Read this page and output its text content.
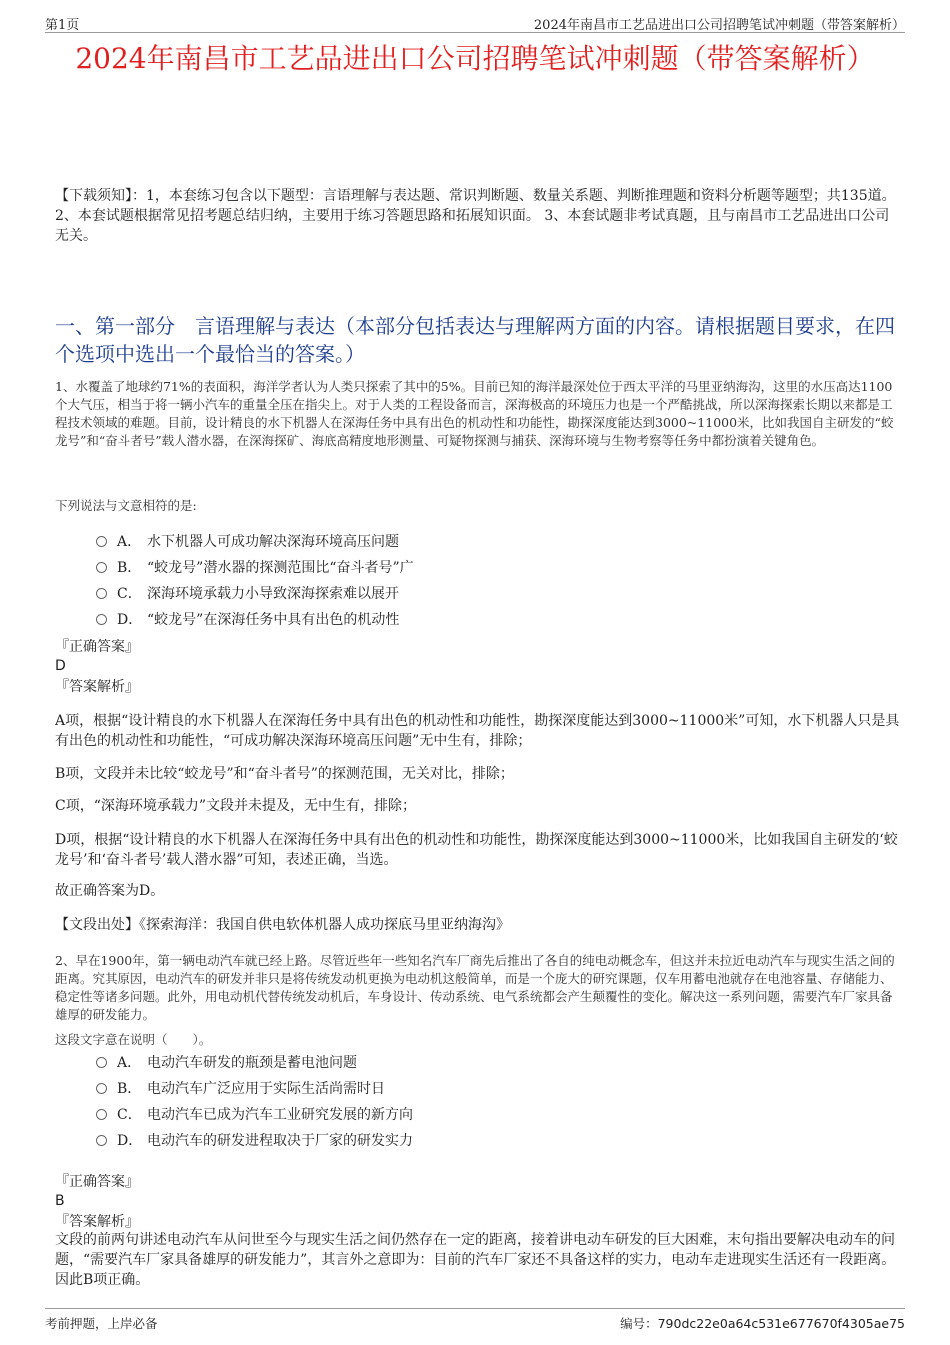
第1页	2024年南昌市工艺品进出口公司招聘笔试冲刺题（带答案解析）
2024年南昌市工艺品进出口公司招聘笔试冲刺题（带答案解析）
【下载须知】：1，本套练习包含以下题型：言语理解与表达题、常识判断题、数量关系题、判断推理题和资料分析题等题型；共135道。 2、本套试题根据常见招考题总结归纳，主要用于练习答题思路和拓展知识面。 3、本套试题非考试真题，且与南昌市工艺品进出口公司无关。
一、第一部分　言语理解与表达（本部分包括表达与理解两方面的内容。请根据题目要求，在四个选项中选出一个最恰当的答案。）
1、水覆盖了地球约71%的表面积，海洋学者认为人类只探索了其中的5%。目前已知的海洋最深处位于西太平洋的马里亚纳海沟，这里的水压高达1100个大气压，相当于将一辆小汽车的重量全压在指尖上。对于人类的工程设备而言，深海极高的环境压力也是一个严酷挑战，所以深海探索长期以来都是工程技术领域的难题。目前，设计精良的水下机器人在深海任务中具有出色的机动性和功能性，勘探深度能达到3000~11000米，比如我国自主研发的“蛟龙号”和“奋斗者号”载人潜水器，在深海探矿、海底高精度地形测量、可疑物探测与捕获、深海环境与生物考察等任务中都扮演着关键角色。
下列说法与文意相符的是:
A． 水下机器人可成功解决深海环境高压问题
B． “蛟龙号”潜水器的探测范围比“奋斗者号”广
C． 深海环境承载力小导致深海探索难以展开
D． “蛟龙号”在深海任务中具有出色的机动性
『正确答案』
D
『答案解析』
A项，根据“设计精良的水下机器人在深海任务中具有出色的机动性和功能性，勘探深度能达到3000~11000米”可知，水下机器人只是具有出色的机动性和功能性，“可成功解决深海环境高压问题”无中生有，排除；
B项，文段并未比较“蛟龙号”和“奋斗者号”的探测范围，无关对比，排除；
C项，“深海环境承载力”文段并未提及，无中生有，排除；
D项，根据“设计精良的水下机器人在深海任务中具有出色的机动性和功能性，勘探深度能达到3000~11000米，比如我国自主研发的‘蛟龙号’和‘奋斗者号’载人潜水器”可知，表述正确，当选。
故正确答案为D。
【文段出处】《探索海洋：我国自供电软体机器人成功探底马里亚纳海沟》
2、早在1900年，第一辆电动汽车就已经上路。尽管近些年一些知名汽车厂商先后推出了各自的纯电动概念车，但这并未拉近电动汽车与现实生活之间的距离。究其原因，电动汽车的研发并非只是将传统发动机更换为电动机这般简单，而是一个庞大的研究课题，仅车用蓄电池就存在电池容量、存储能力、稳定性等诸多问题。此外，用电动机代替传统发动机后，车身设计、传动系统、电气系统都会产生颠覆性的变化。解决这一系列问题，需要汽车厂家具备雄厚的研发能力。
这段文字意在说明（　　）。
A． 电动汽车研发的瓶颈是蓄电池问题
B． 电动汽车广泛应用于实际生活尚需时日
C． 电动汽车已成为汽车工业研究发展的新方向
D． 电动汽车的研发进程取决于厂家的研发实力
『正确答案』
B
『答案解析』
文段的前两句讲述电动汽车从问世至今与现实生活之间仍然存在一定的距离，接着讲电动车研发的巨大困难，末句指出要解决电动车的问题，“需要汽车厂家具备雄厚的研发能力”，其言外之意即为：目前的汽车厂家还不具备这样的实力，电动车走进现实生活还有一段距离。因此B项正确。
考前押题，上岸必备	编号：790dc22e0a64c531e677670f4305ae75
